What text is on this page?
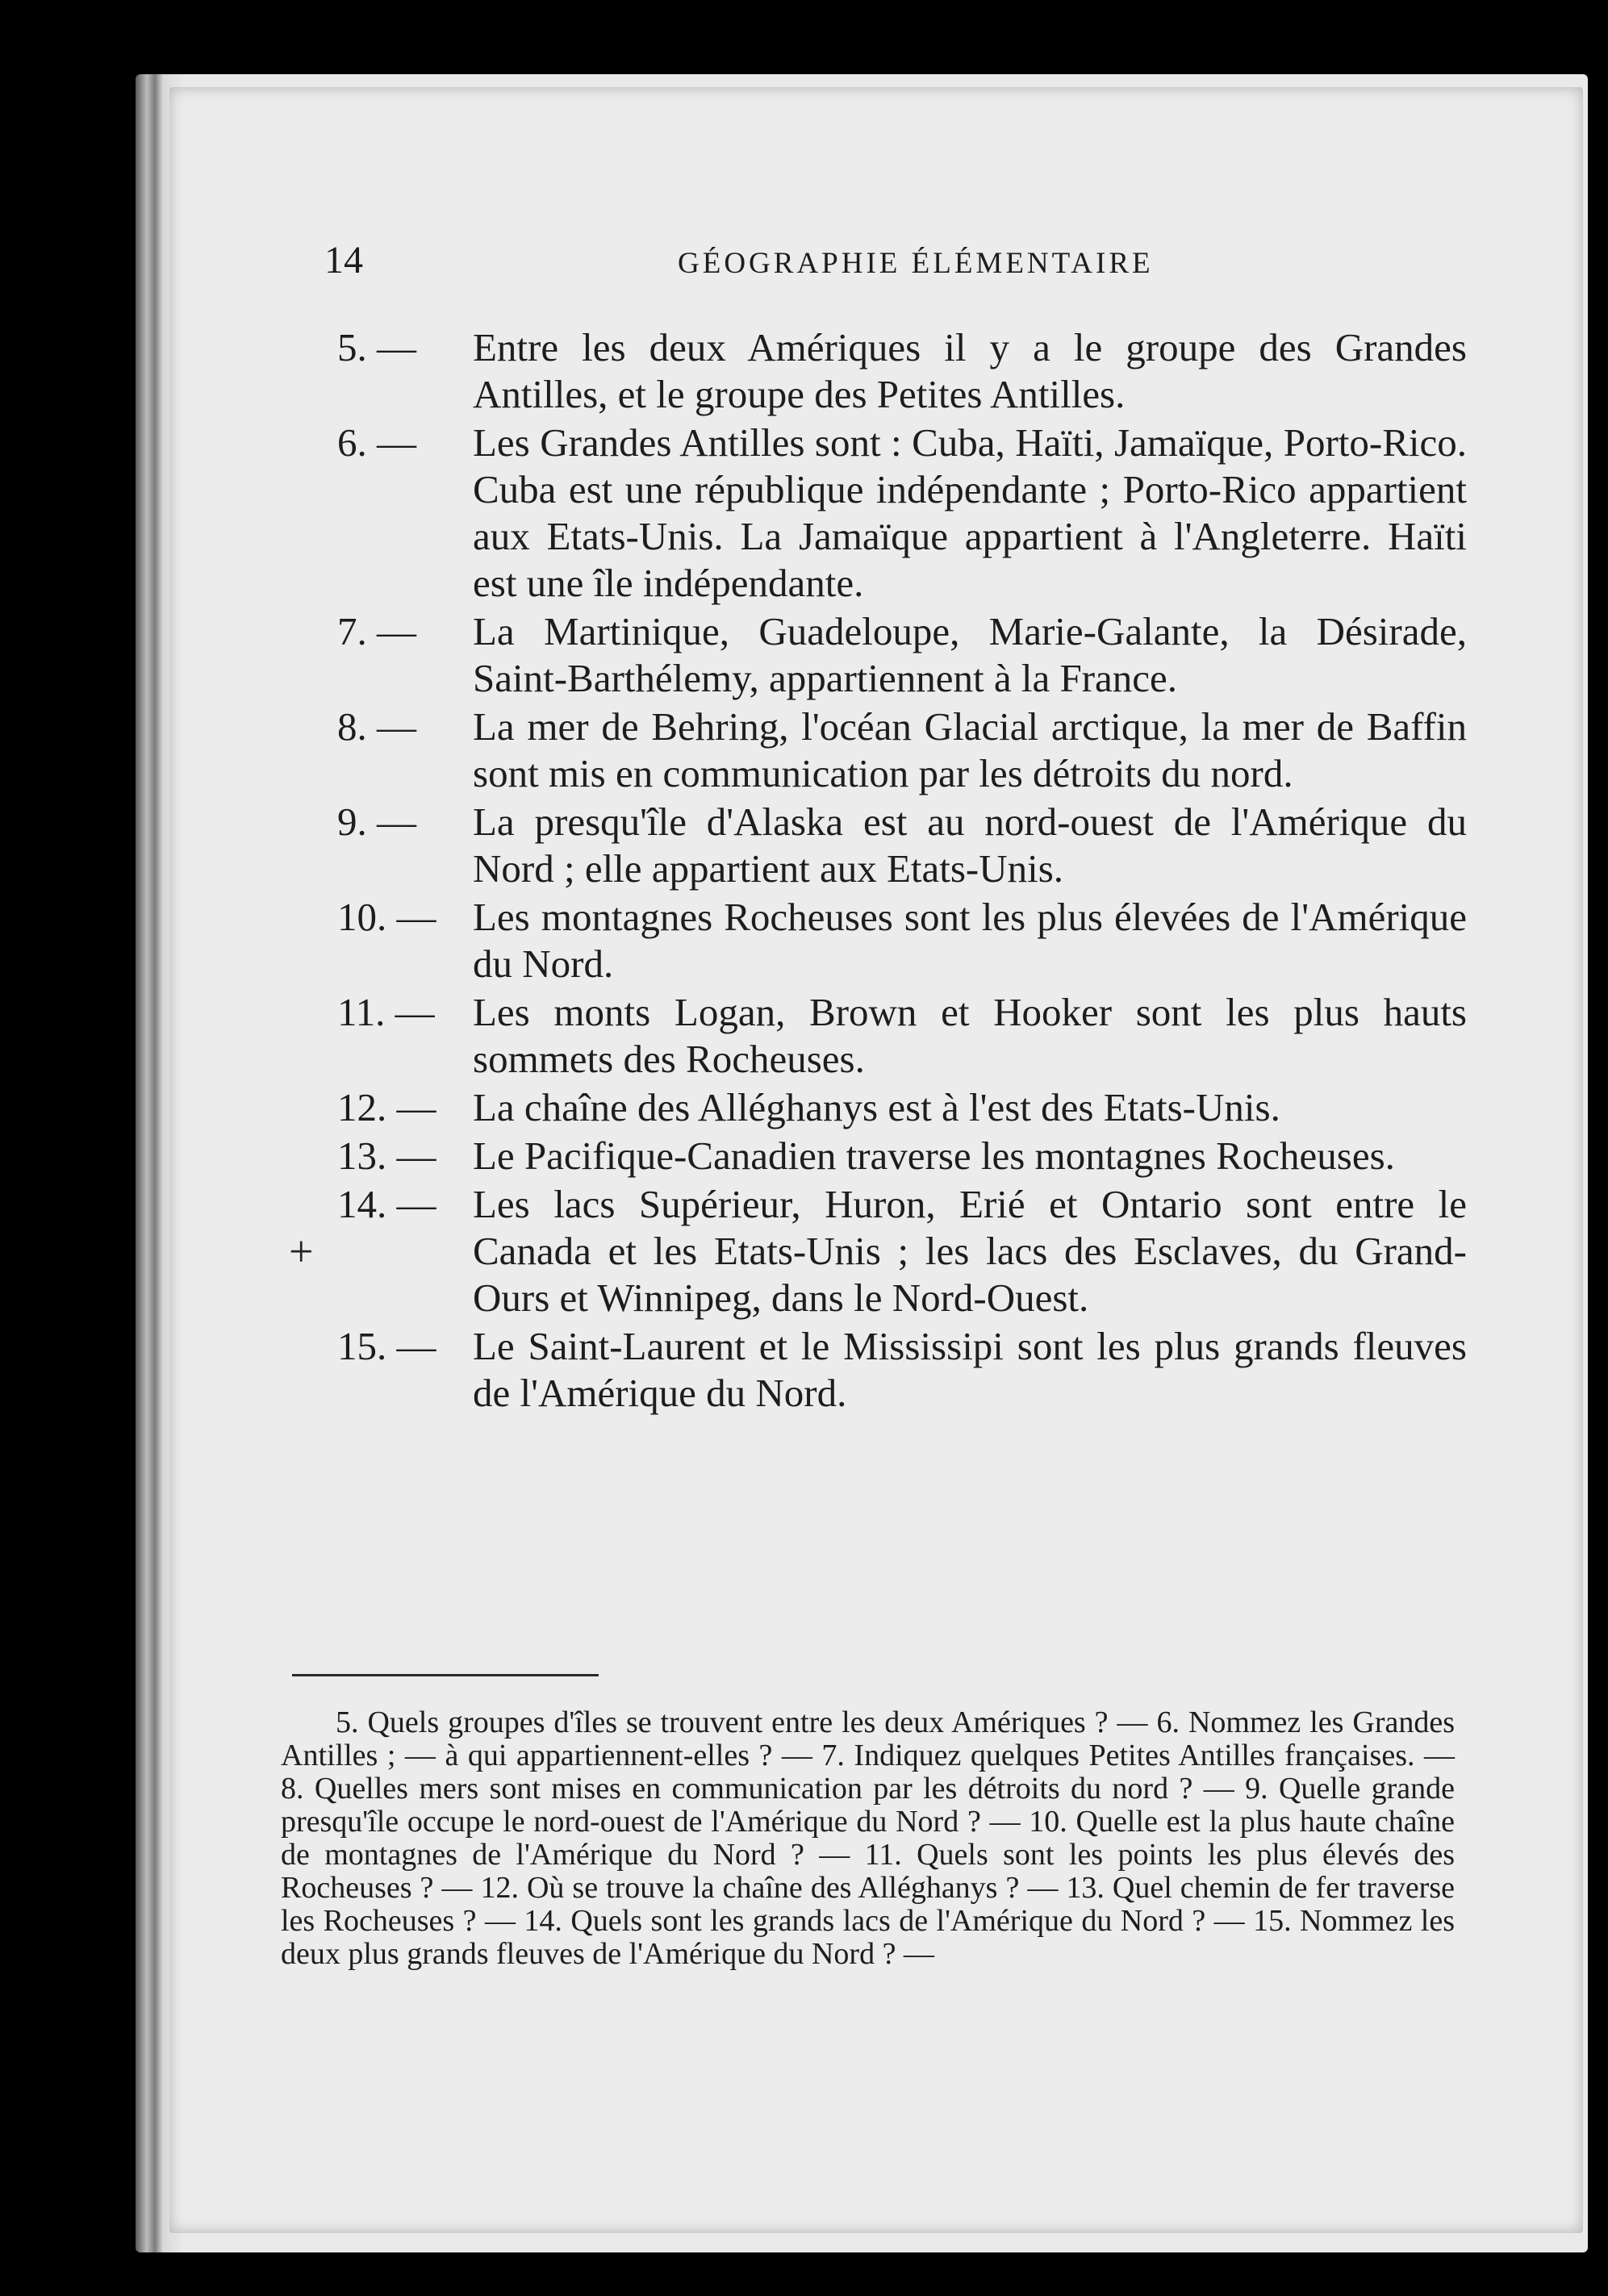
14	GÉOGRAPHIE ÉLÉMENTAIRE
5. —	Entre les deux Amériques il y a le groupe des Grandes Antilles, et le groupe des Petites Antilles.
6. —	Les Grandes Antilles sont : Cuba, Haïti, Jamaïque, Porto-Rico. Cuba est une république indépendante ; Porto-Rico appartient aux Etats-Unis. La Jamaïque appartient à l'Angleterre. Haïti est une île indépendante.
7. —	La Martinique, Guadeloupe, Marie-Galante, la Désirade, Saint-Barthélemy, appartiennent à la France.
8. —	La mer de Behring, l'océan Glacial arctique, la mer de Baffin sont mis en communication par les détroits du nord.
9. —	La presqu'île d'Alaska est au nord-ouest de l'Amérique du Nord ; elle appartient aux Etats-Unis.
10. — Les montagnes Rocheuses sont les plus élevées de l'Amérique du Nord.
11. — Les monts Logan, Brown et Hooker sont les plus hauts sommets des Rocheuses.
12. — La chaîne des Alléghanys est à l'est des Etats-Unis.
13. — Le Pacifique-Canadien traverse les montagnes Rocheuses.
14. — Les lacs Supérieur, Huron, Erié et Ontario sont entre le Canada et les Etats-Unis ; les lacs des Esclaves, du Grand-Ours et Winnipeg, dans le Nord-Ouest.
15. — Le Saint-Laurent et le Mississipi sont les plus grands fleuves de l'Amérique du Nord.
+
5. Quels groupes d'îles se trouvent entre les deux Amériques ? — 6. Nommez les Grandes Antilles ; — à qui appartiennent-elles ? — 7. Indiquez quelques Petites Antilles françaises. — 8. Quelles mers sont mises en communication par les détroits du nord ? — 9. Quelle grande presqu'île occupe le nord-ouest de l'Amérique du Nord ? — 10. Quelle est la plus haute chaîne de montagnes de l'Amérique du Nord ? — 11. Quels sont les points les plus élevés des Rocheuses ? — 12. Où se trouve la chaîne des Alléghanys ? — 13. Quel chemin de fer traverse les Rocheuses ? — 14. Quels sont les grands lacs de l'Amérique du Nord ? — 15. Nommez les deux plus grands fleuves de l'Amérique du Nord ? —
